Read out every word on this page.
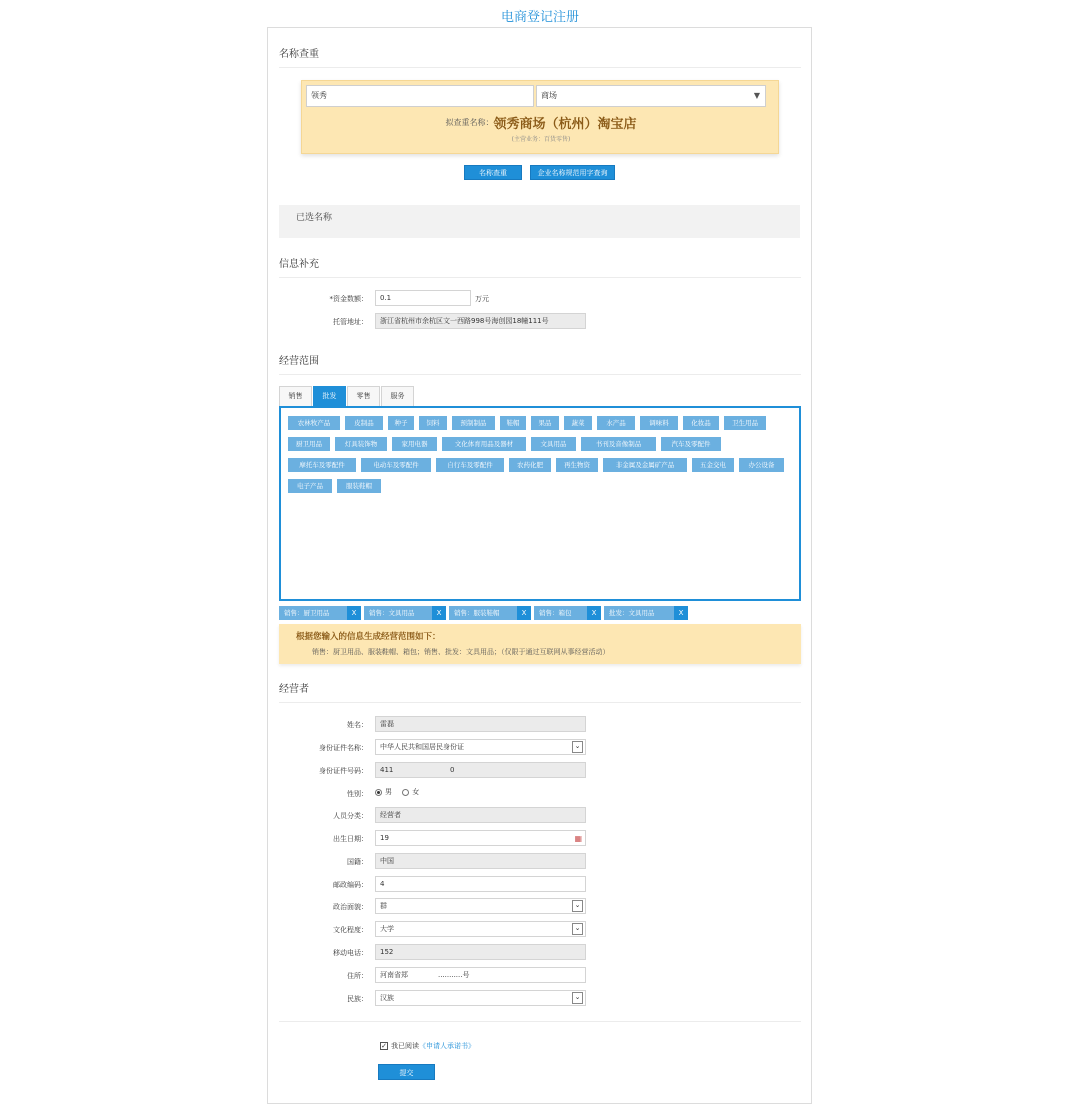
电商登记注册
名称查重
领秀	商场	▼
拟查重名称：领秀商场（杭州）淘宝店
(主营业务：百货零售)
名称查重	企业名称规范用字查询
已选名称
信息补充
*资金数额：	0.1	万元
托管地址：	浙江省杭州市余杭区文一西路998号海创园18幢111号
经营范围
销售	批发	零售	服务
农林牧产品	皮制品	种子	饲料	预制制品	鞋帽	果品	蔬菜	水产品	调味料	化妆品	卫生用品
厨卫用品	灯具装饰物	家用电器	文化体育用品及器材	文具用品	书刊及音像制品	汽车及零配件
摩托车及零配件	电动车及零配件	自行车及零配件	农药化肥	再生物资	非金属及金属矿产品	五金交电	办公设备
电子产品	服装鞋帽
销售：厨卫用品	X	销售：文具用品	X	销售：服装鞋帽	X	销售：箱包	X	批发：文具用品	X
根据您输入的信息生成经营范围如下：
销售：厨卫用品、服装鞋帽、箱包；销售、批发：文具用品；（仅限于通过互联网从事经营活动）
经营者
姓名：	雷磊
身份证件名称：	中华人民共和国居民身份证	⌄
身份证件号码：	411	0
性别：	男	女
人员分类：	经营者
出生日期：	19	▦
国籍：	中国
邮政编码：	4
政治面貌：	群	⌄
文化程度：	大学	⌄
移动电话：	152
住所：	河南省郑	...........号
民族：	汉族	⌄
✓ 我已阅读《申请人承诺书》
提交
